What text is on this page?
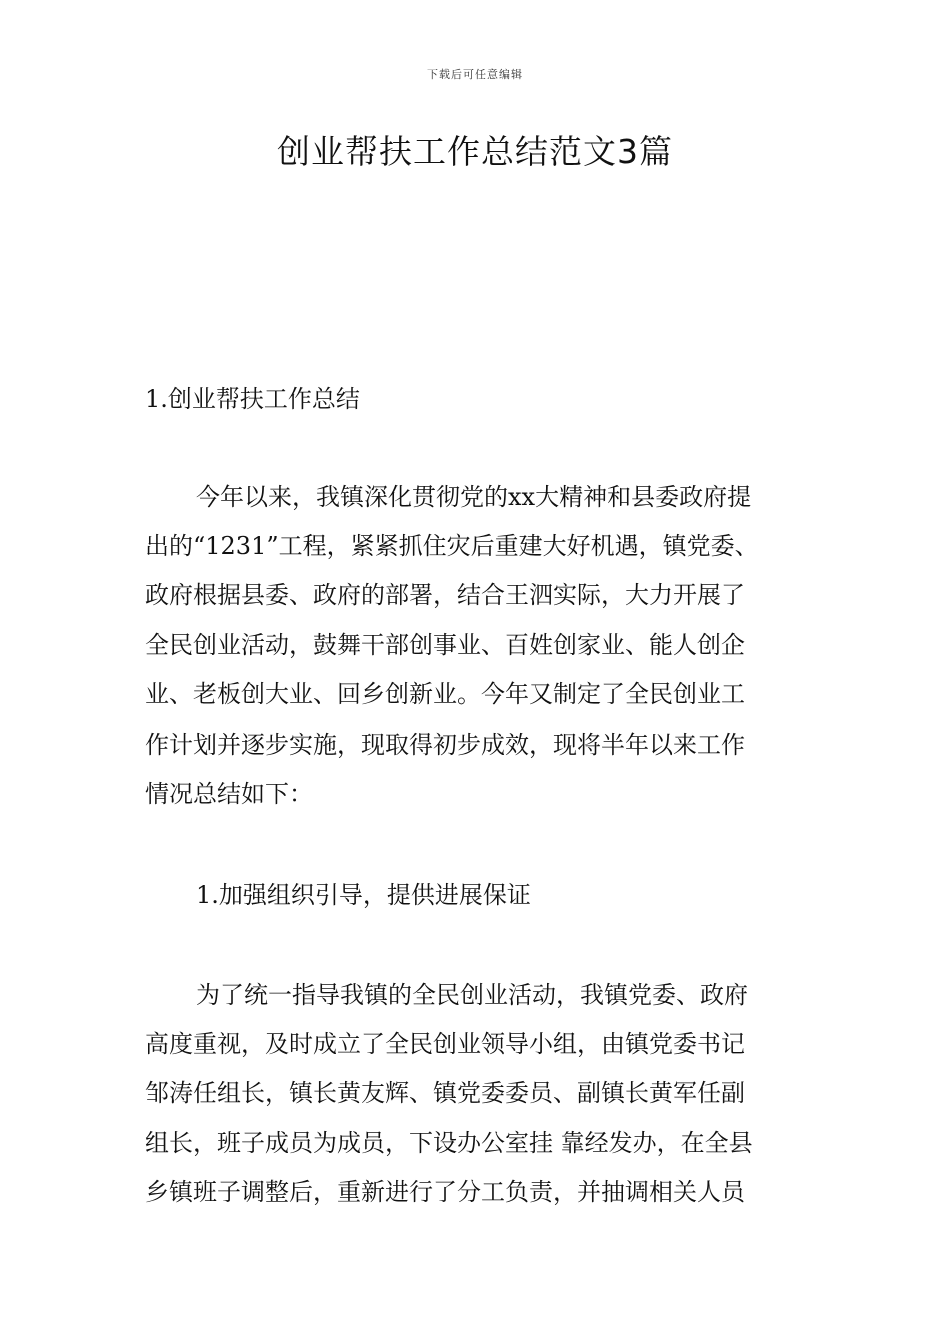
下载后可任意编辑
创业帮扶工作总结范文3篇
1.创业帮扶工作总结
今年以来，我镇深化贯彻党的xx大精神和县委政府提
出的“1231”工程，紧紧抓住灾后重建大好机遇，镇党委、
政府根据县委、政府的部署，结合王泗实际，大力开展了
全民创业活动，鼓舞干部创事业、百姓创家业、能人创企
业、老板创大业、回乡创新业。今年又制定了全民创业工
作计划并逐步实施，现取得初步成效，现将半年以来工作
情况总结如下：
1.加强组织引导，提供进展保证
为了统一指导我镇的全民创业活动，我镇党委、政府
高度重视，及时成立了全民创业领导小组，由镇党委书记
邹涛任组长，镇长黄友辉、镇党委委员、副镇长黄军任副
组长，班子成员为成员，下设办公室挂 靠经发办，在全县
乡镇班子调整后，重新进行了分工负责，并抽调相关人员
